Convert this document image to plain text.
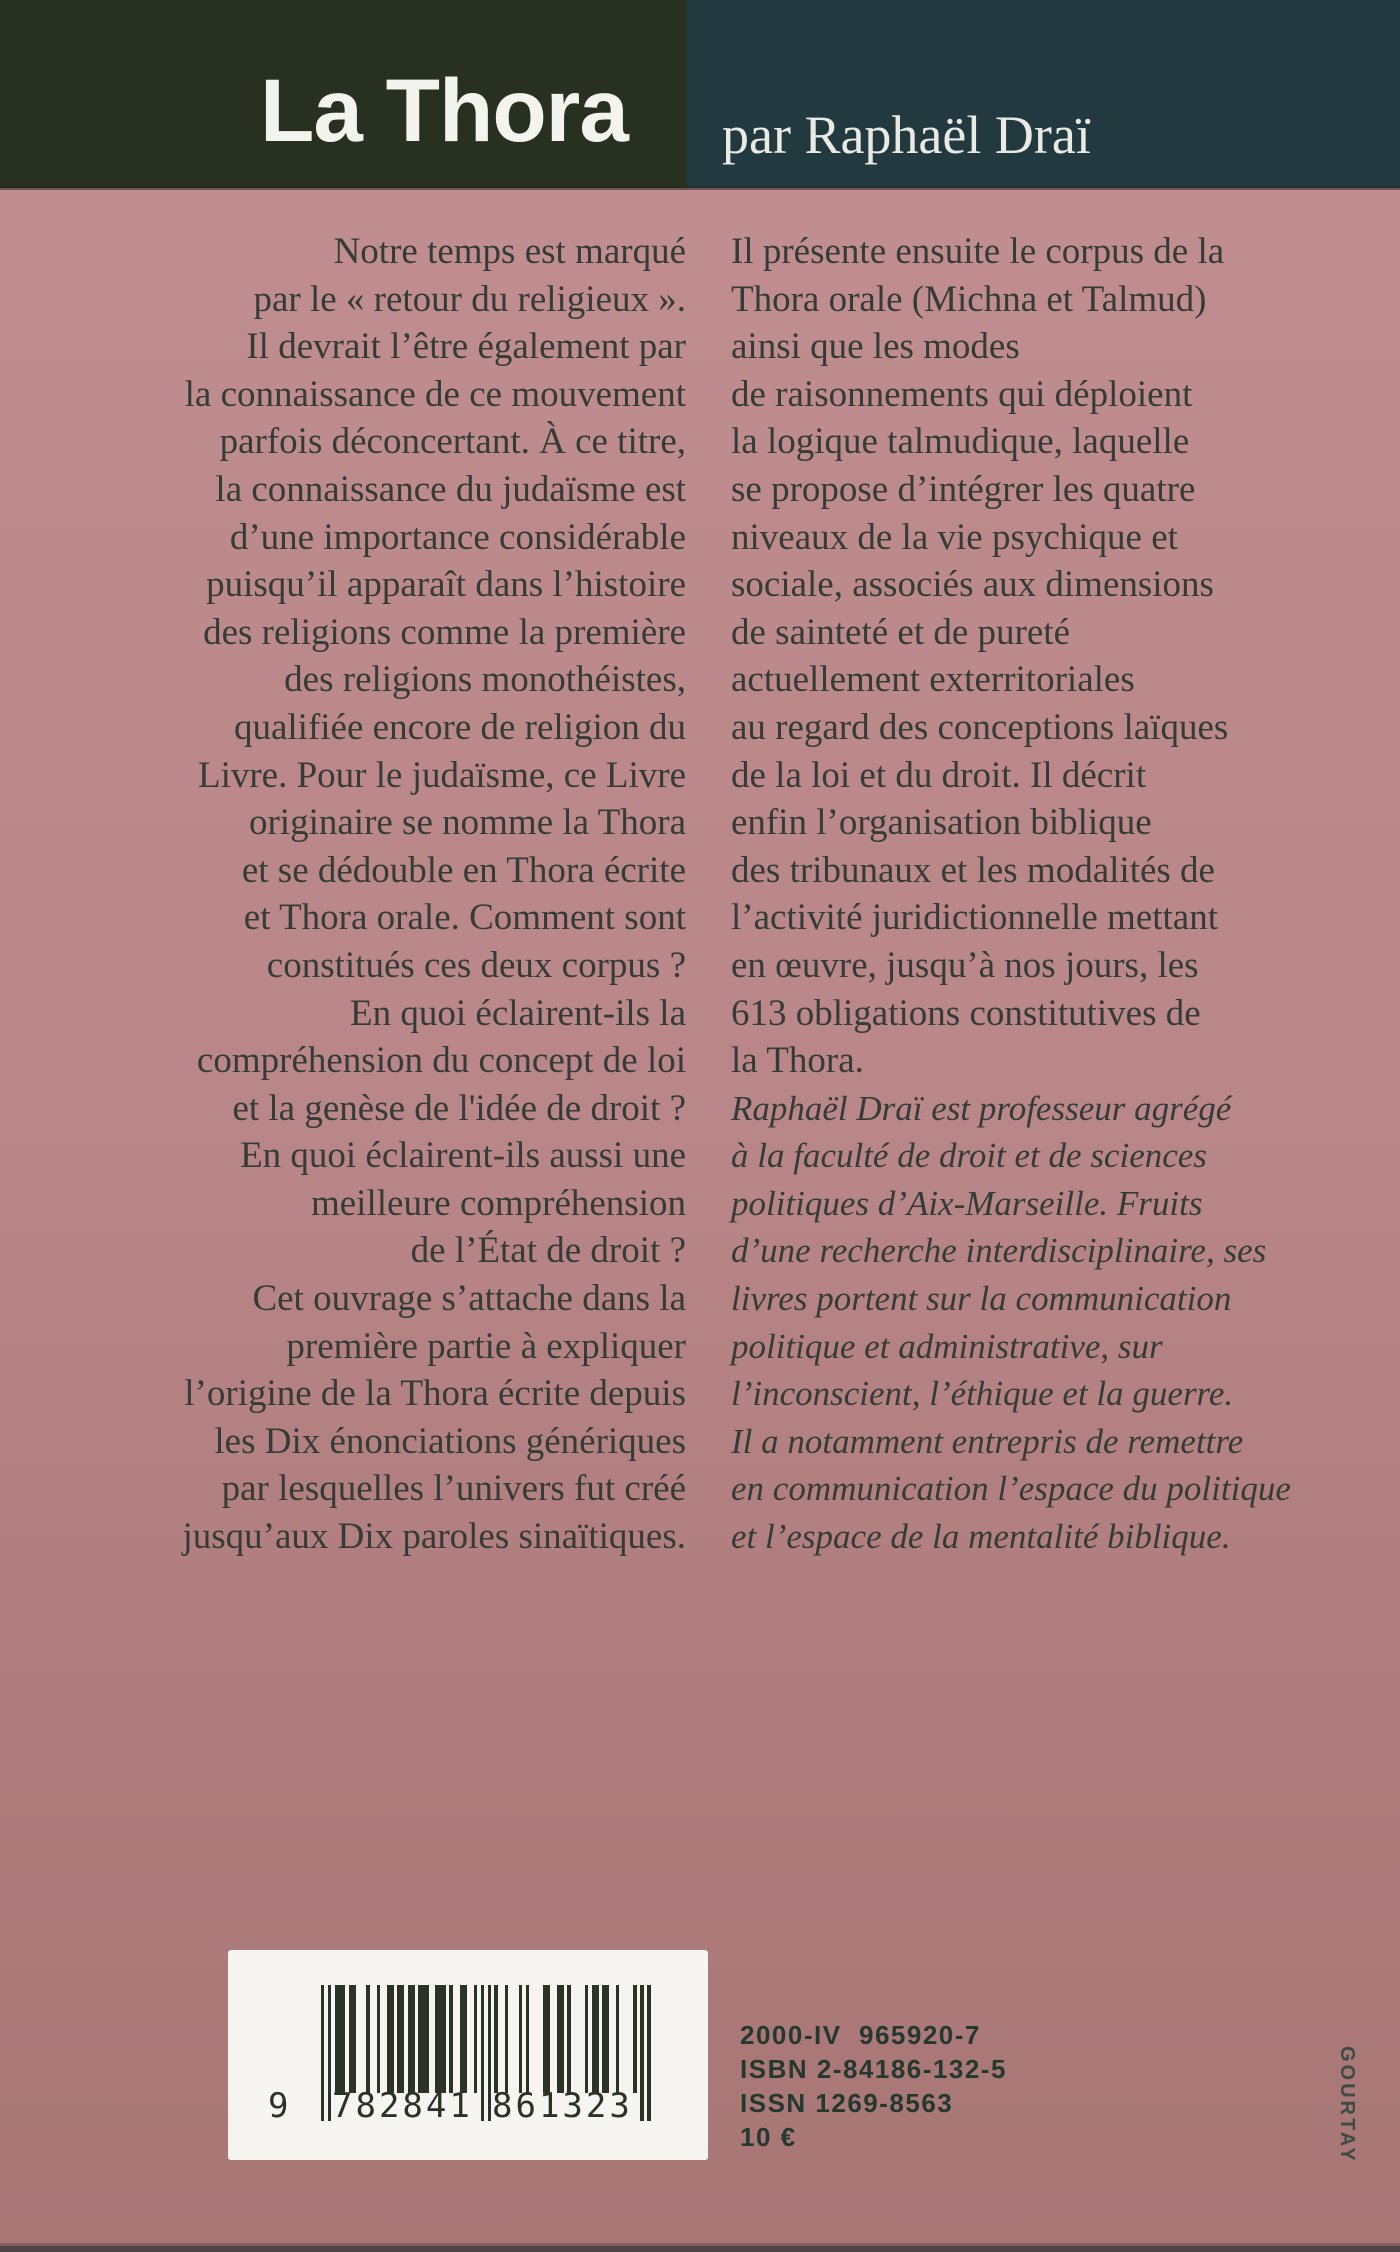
La Thora par Raphaël Draï
Notre temps est marqué
par le « retour du religieux ».
Il devrait l’être également par
la connaissance de ce mouvement
parfois déconcertant. À ce titre,
la connaissance du judaïsme est
d’une importance considérable
puisqu’il apparaît dans l’histoire
des religions comme la première
des religions monothéistes,
qualifiée encore de religion du
Livre. Pour le judaïsme, ce Livre
originaire se nomme la Thora
et se dédouble en Thora écrite
et Thora orale. Comment sont
constitués ces deux corpus ?
En quoi éclairent-ils la
compréhension du concept de loi
et la genèse de l'idée de droit ?
En quoi éclairent-ils aussi une
meilleure compréhension
de l’État de droit ?
Cet ouvrage s’attache dans la
première partie à expliquer
l’origine de la Thora écrite depuis
les Dix énonciations génériques
par lesquelles l’univers fut créé
jusqu’aux Dix paroles sinaïtiques.
Il présente ensuite le corpus de la
Thora orale (Michna et Talmud)
ainsi que les modes
de raisonnements qui déploient
la logique talmudique, laquelle
se propose d’intégrer les quatre
niveaux de la vie psychique et
sociale, associés aux dimensions
de sainteté et de pureté
actuellement exterritoriales
au regard des conceptions laïques
de la loi et du droit. Il décrit
enfin l’organisation biblique
des tribunaux et les modalités de
l’activité juridictionnelle mettant
en œuvre, jusqu’à nos jours, les
613 obligations constitutives de
la Thora.
Raphaël Draï est professeur agrégé
à la faculté de droit et de sciences
politiques d’Aix-Marseille. Fruits
d’une recherche interdisciplinaire, ses
livres portent sur la communication
politique et administrative, sur
l’inconscient, l’éthique et la guerre.
Il a notamment entrepris de remettre
en communication l’espace du politique
et l’espace de la mentalité biblique.
9 782841 861323
2000-IV  965920-7
ISBN 2-84186-132-5
ISSN 1269-8563
10 €	GOURTAY
